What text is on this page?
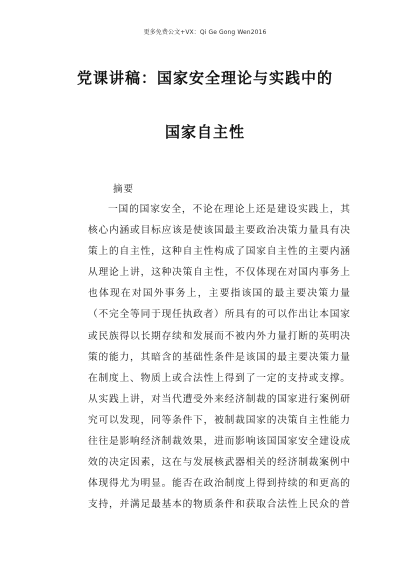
更多免费公文+VX：Qi Ge Gong Wen2016
党课讲稿：国家安全理论与实践中的
国家自主性
摘要
一国的国家安全，不论在理论上还是建设实践上，其
核心内涵或目标应该是使该国最主要政治决策力量具有决
策上的自主性，这种自主性构成了国家自主性的主要内涵
从理论上讲，这种决策自主性，不仅体现在对国内事务上
也体现在对国外事务上，主要指该国的最主要决策力量
（不完全等同于现任执政者）所具有的可以作出让本国家
或民族得以长期存续和发展而不被内外力量打断的英明决
策的能力，其暗含的基础性条件是该国的最主要决策力量
在制度上、物质上或合法性上得到了一定的支持或支撑。
从实践上讲，对当代遭受外来经济制裁的国家进行案例研
究可以发现，同等条件下，被制裁国家的决策自主性能力
往往是影响经济制裁效果，进而影响该国国家安全建设成
效的决定因素，这在与发展核武器相关的经济制裁案例中
体现得尤为明显。能否在政治制度上得到持续的和更高的
支持，并满足最基本的物质条件和获取合法性上民众的普
